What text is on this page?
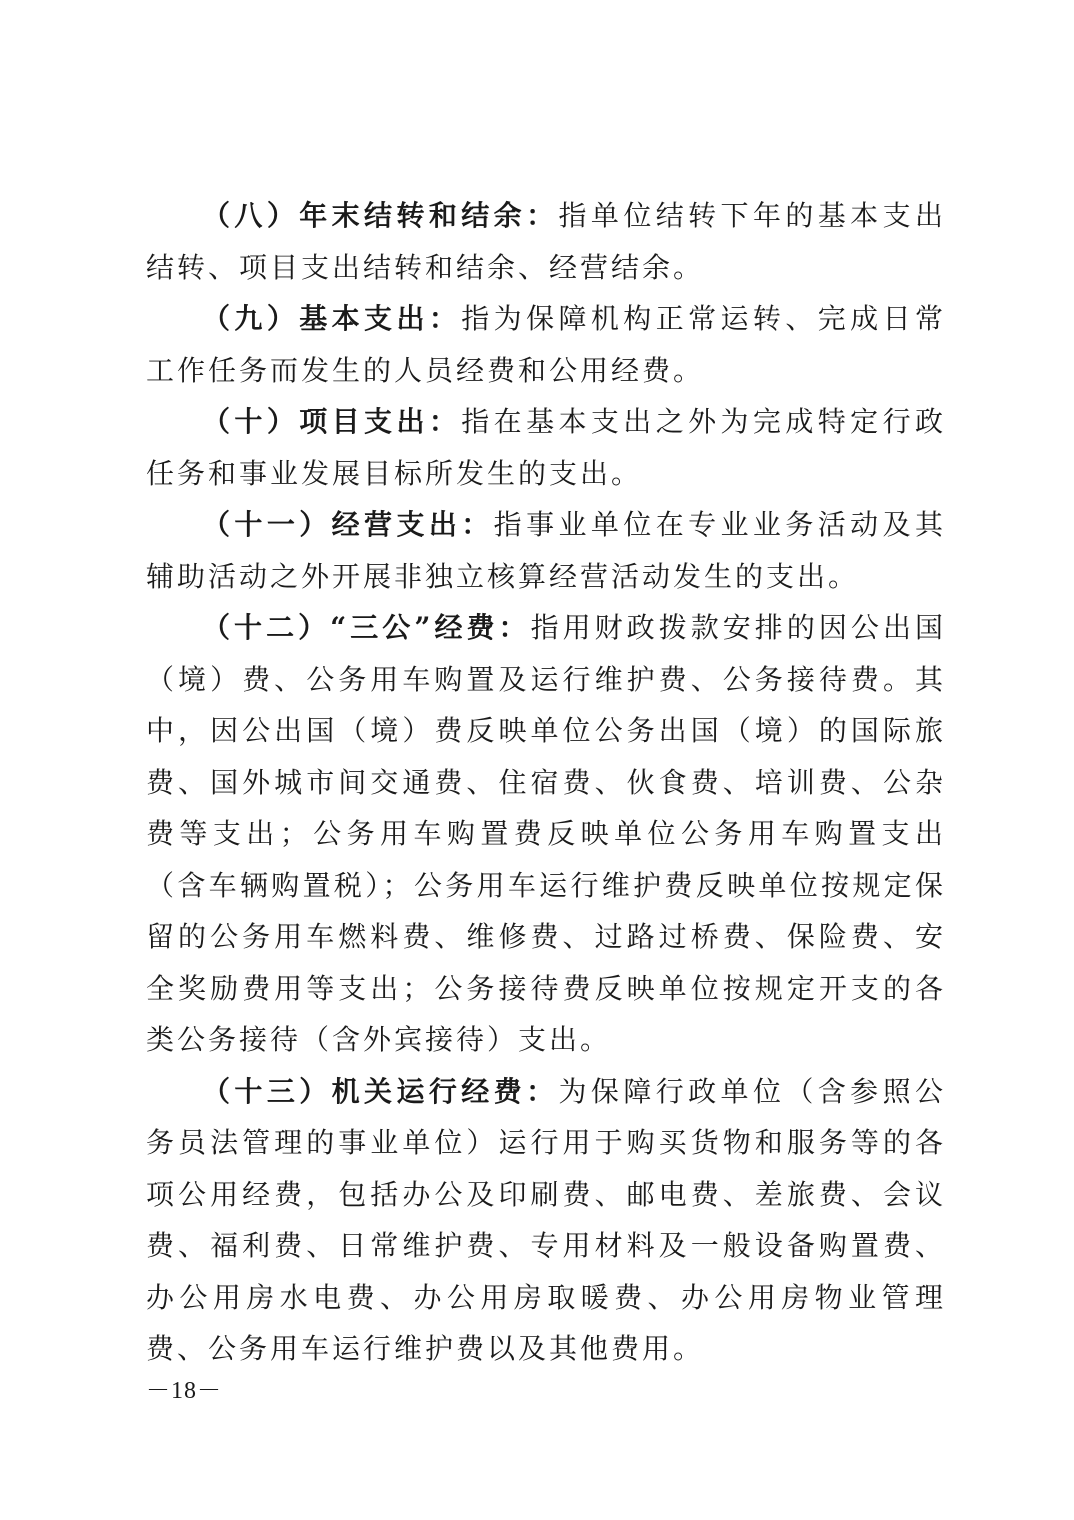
（八）年末结转和结余：指单位结转下年的基本支出结转、项目支出结转和结余、经营结余。

（九）基本支出：指为保障机构正常运转、完成日常工作任务而发生的人员经费和公用经费。

（十）项目支出：指在基本支出之外为完成特定行政任务和事业发展目标所发生的支出。

（十一）经营支出：指事业单位在专业业务活动及其辅助活动之外开展非独立核算经营活动发生的支出。

（十二）“三公”经费：指用财政拨款安排的因公出国（境）费、公务用车购置及运行维护费、公务接待费。其中，因公出国（境）费反映单位公务出国（境）的国际旅费、国外城市间交通费、住宿费、伙食费、培训费、公杂费等支出；公务用车购置费反映单位公务用车购置支出（含车辆购置税）；公务用车运行维护费反映单位按规定保留的公务用车燃料费、维修费、过路过桥费、保险费、安全奖励费用等支出；公务接待费反映单位按规定开支的各类公务接待（含外宾接待）支出。

（十三）机关运行经费：为保障行政单位（含参照公务员法管理的事业单位）运行用于购买货物和服务等的各项公用经费，包括办公及印刷费、邮电费、差旅费、会议费、福利费、日常维护费、专用材料及一般设备购置费、办公用房水电费、办公用房取暖费、办公用房物业管理费、公务用车运行维护费以及其他费用。

－18－
